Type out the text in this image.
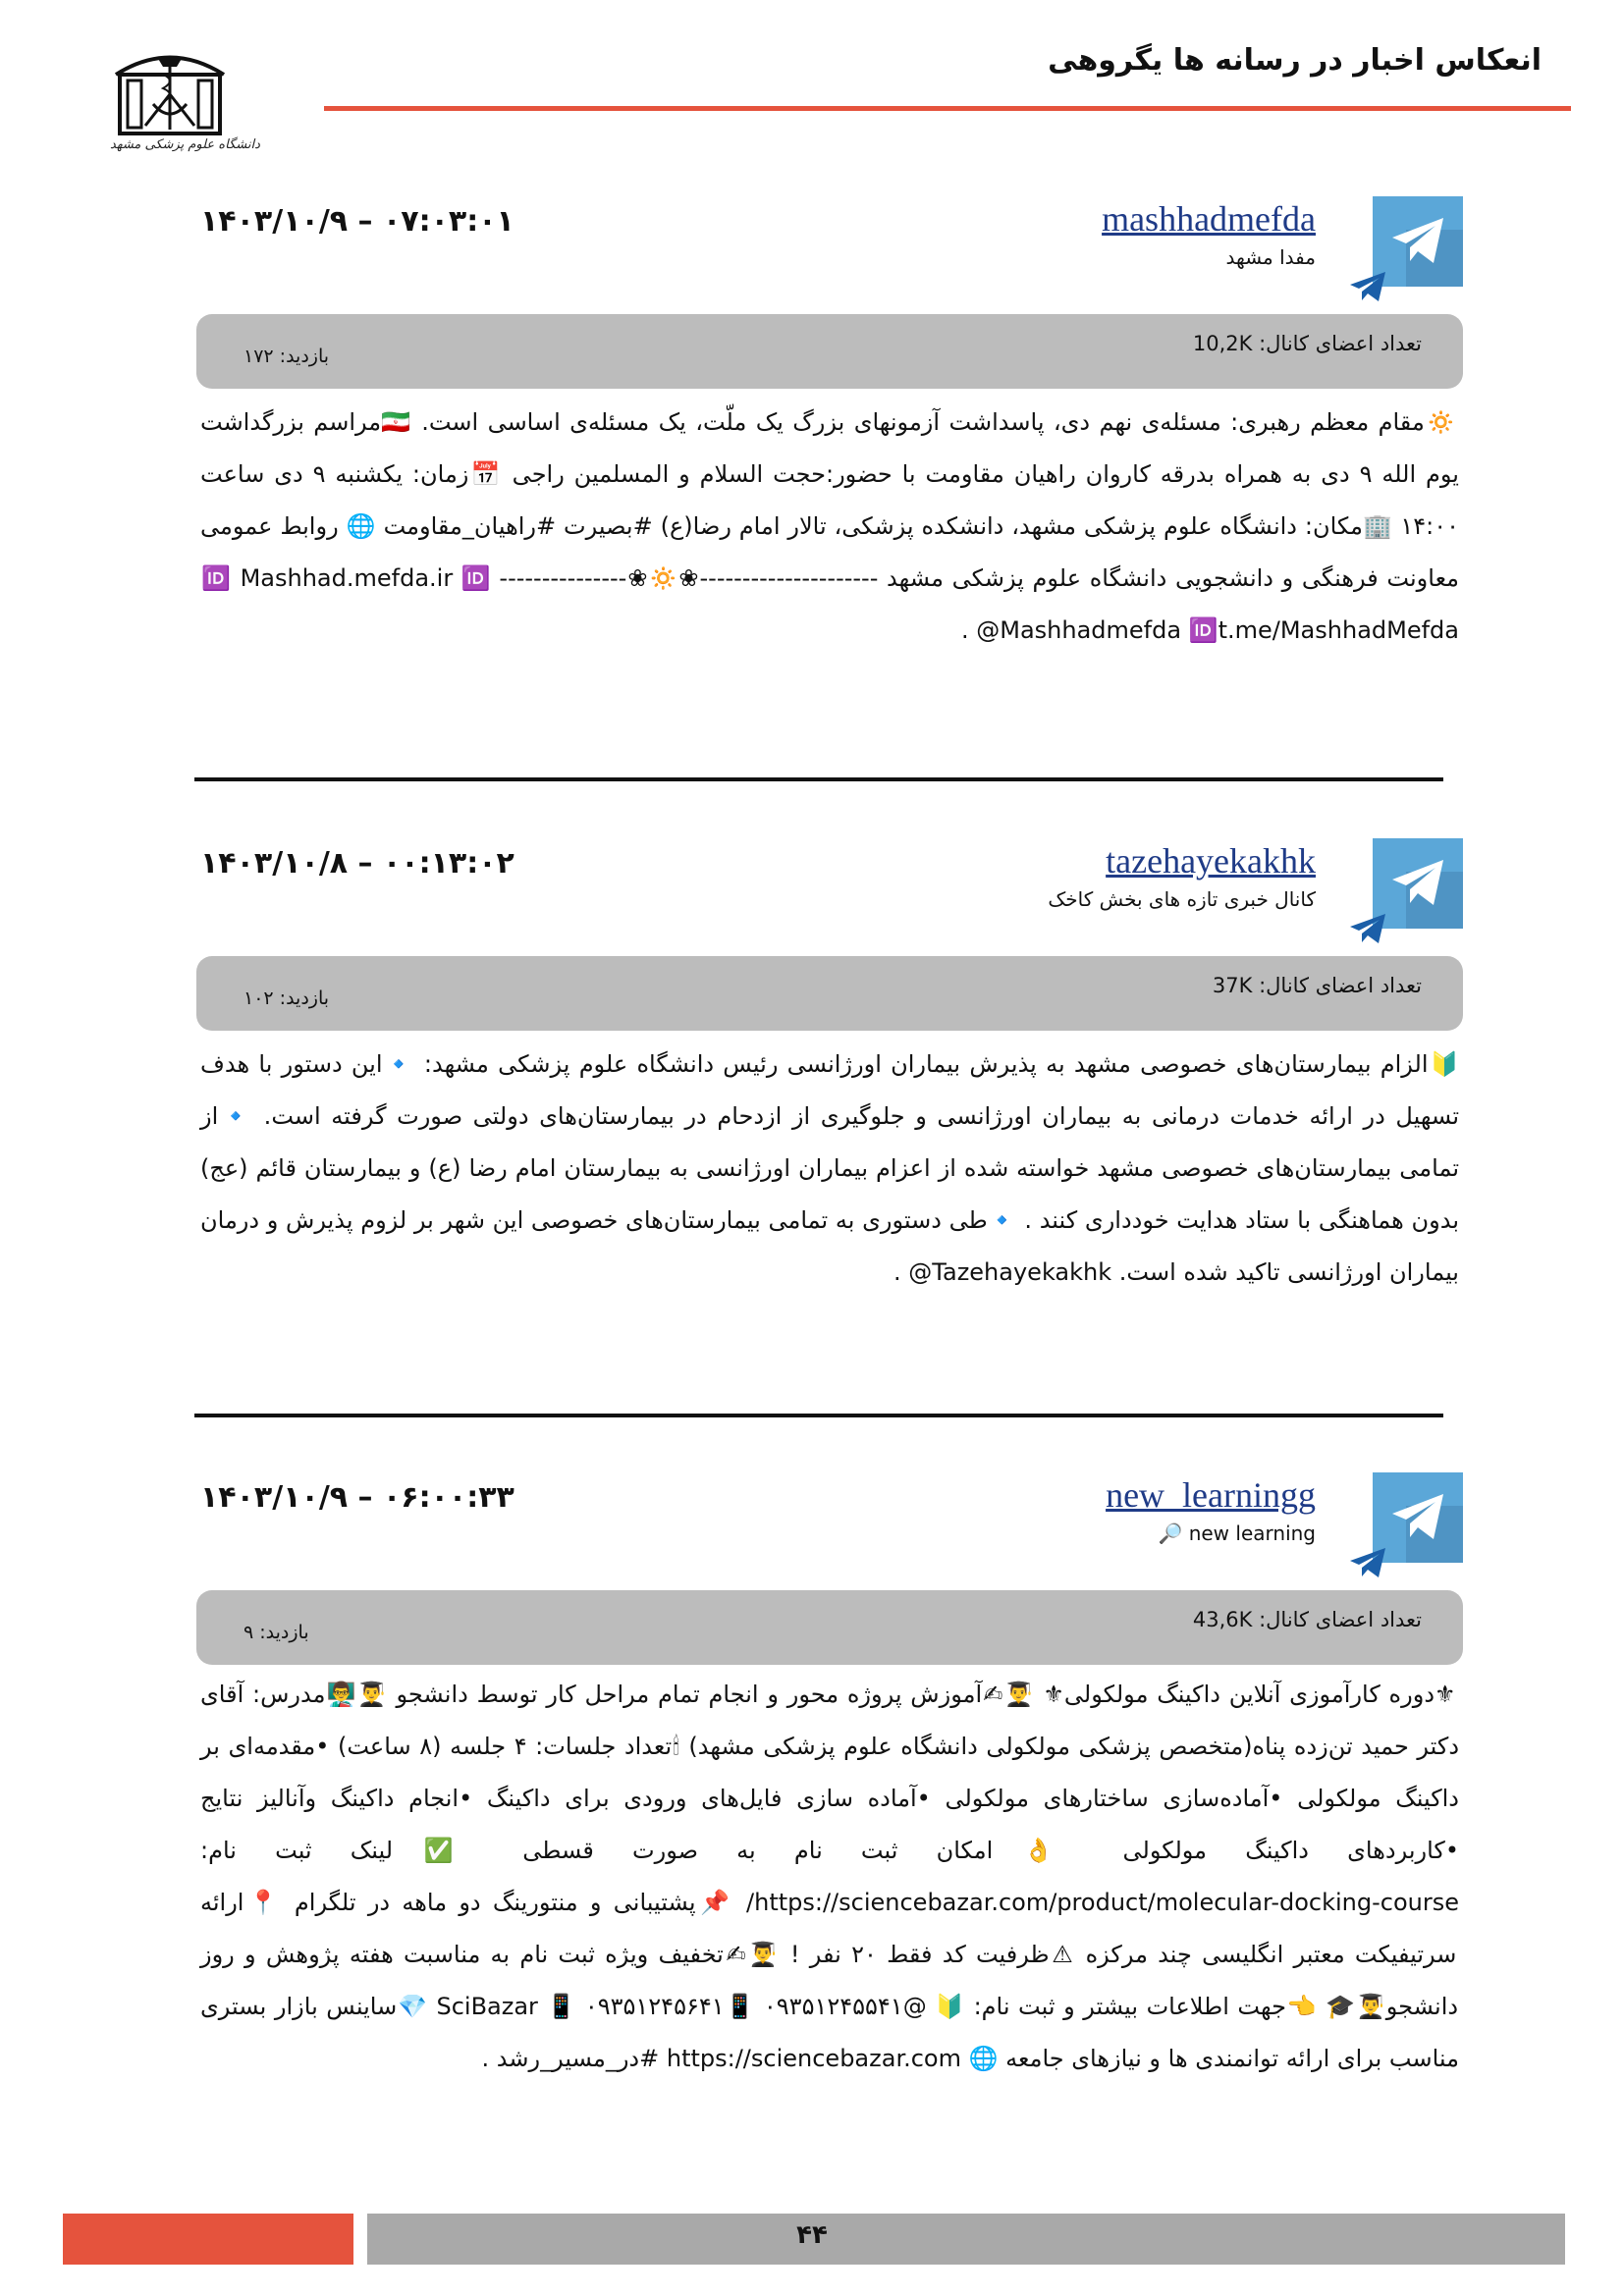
انعکاس اخبار در رسانه ها یگروهی
دانشگاه علوم پزشکی مشهد
mashhadmefda
مفدا مشهد
۱۴۰۳/۱۰/۹ – ۰۷:۰۳:۰۱
تعداد اعضای کانال: 10,2K
بازدید: ۱۷۲
🔅مقام معظم رهبری: مسئله‌ی نهم دی، پاسداشت آزمونهای بزرگ یک ملّت، یک مسئله‌ی اساسی است. 🇮🇷مراسم بزرگداشت یوم الله ۹ دی به همراه بدرقه کاروان راهیان مقاومت با حضور:حجت السلام و المسلمین راجی 📅زمان: یکشنبه ۹ دی ساعت ۱۴:۰۰ 🏢مکان: دانشگاه علوم پزشکی مشهد، دانشکده پزشکی، تالار امام رضا(ع) #بصیرت #راهیان_مقاومت 🌐 روابط عمومی معاونت فرهنگی و دانشجویی دانشگاه علوم پزشکی مشهد ---------------------❀🔅❀--------------- 🆔 Mashhad.mefda.ir 🆔 @Mashhadmefda 🆔t.me/MashhadMefda .
tazehayekakhk
کانال خبری تازه های بخش کاخک
۱۴۰۳/۱۰/۸ – ۰۰:۱۳:۰۲
تعداد اعضای کانال: 37K
بازدید: ۱۰۲
🔰الزام بیمارستان‌های خصوصی مشهد به پذیرش بیماران اورژانسی رئیس دانشگاه علوم پزشکی مشهد: 🔹این دستور با هدف تسهیل در ارائه خدمات درمانی به بیماران اورژانسی و جلوگیری از ازدحام در بیمارستان‌های دولتی صورت گرفته است. 🔹از تمامی بیمارستان‌های خصوصی مشهد خواسته شده از اعزام بیماران اورژانسی به بیمارستان امام رضا (ع) و بیمارستان قائم (عج) بدون هماهنگی با ستاد هدایت خودداری کنند . 🔹طی دستوری به تمامی بیمارستان‌های خصوصی این شهر بر لزوم پذیرش و درمان بیماران اورژانسی تاکید شده است. Tazehayekakhk@ .
new_learningg
new learning 🔎
۱۴۰۳/۱۰/۹ – ۰۶:۰۰:۳۳
تعداد اعضای کانال: 43,6K
بازدید: ۹
⚜دوره کارآموزی آنلاین داکینگ مولکولی⚜ 👨‍🎓✍آموزش پروژه محور و انجام تمام مراحل کار توسط دانشجو 👨‍🎓👨‍🏫مدرس: آقای دکتر حمید تن‌زده پناه(متخصص پزشکی مولکولی دانشگاه علوم پزشکی مشهد) 🕯تعداد جلسات: ۴ جلسه (۸ ساعت) •مقدمه‌ای بر داکینگ مولکولی •آماده‌سازی ساختارهای مولکولی •آماده سازی فایل‌های ورودی برای داکینگ •انجام داکینگ وآنالیز نتایج •کاربردهای داکینگ مولکولی 👌امکان ثبت نام به صورت قسطی ✅لینک ثبت نام: https://sciencebazar.com/product/molecular-docking-course/ 📌پشتیبانی و منتورینگ دو ماهه در تلگرام 📍ارائه سرتیفیکت معتبر انگلیسی چند مرکزه ⚠ظرفیت کد فقط ۲۰ نفر ! 👨‍🎓✍تخفیف ویژه ثبت نام به مناسبت هفته پژوهش و روز دانشجو👨‍🎓🎓 👈جهت اطلاعات بیشتر و ثبت نام: 🔰 @۰۹۳۵۱۲۴۵۵۴۱ 📱۰۹۳۵۱۲۴۵۶۴۱ 📱 SciBazar 💎ساینس بازار بستری مناسب برای ارائه توانمندی ها و نیازهای جامعه 🌐 https://sciencebazar.com #در_مسیر_رشد .
۴۴
